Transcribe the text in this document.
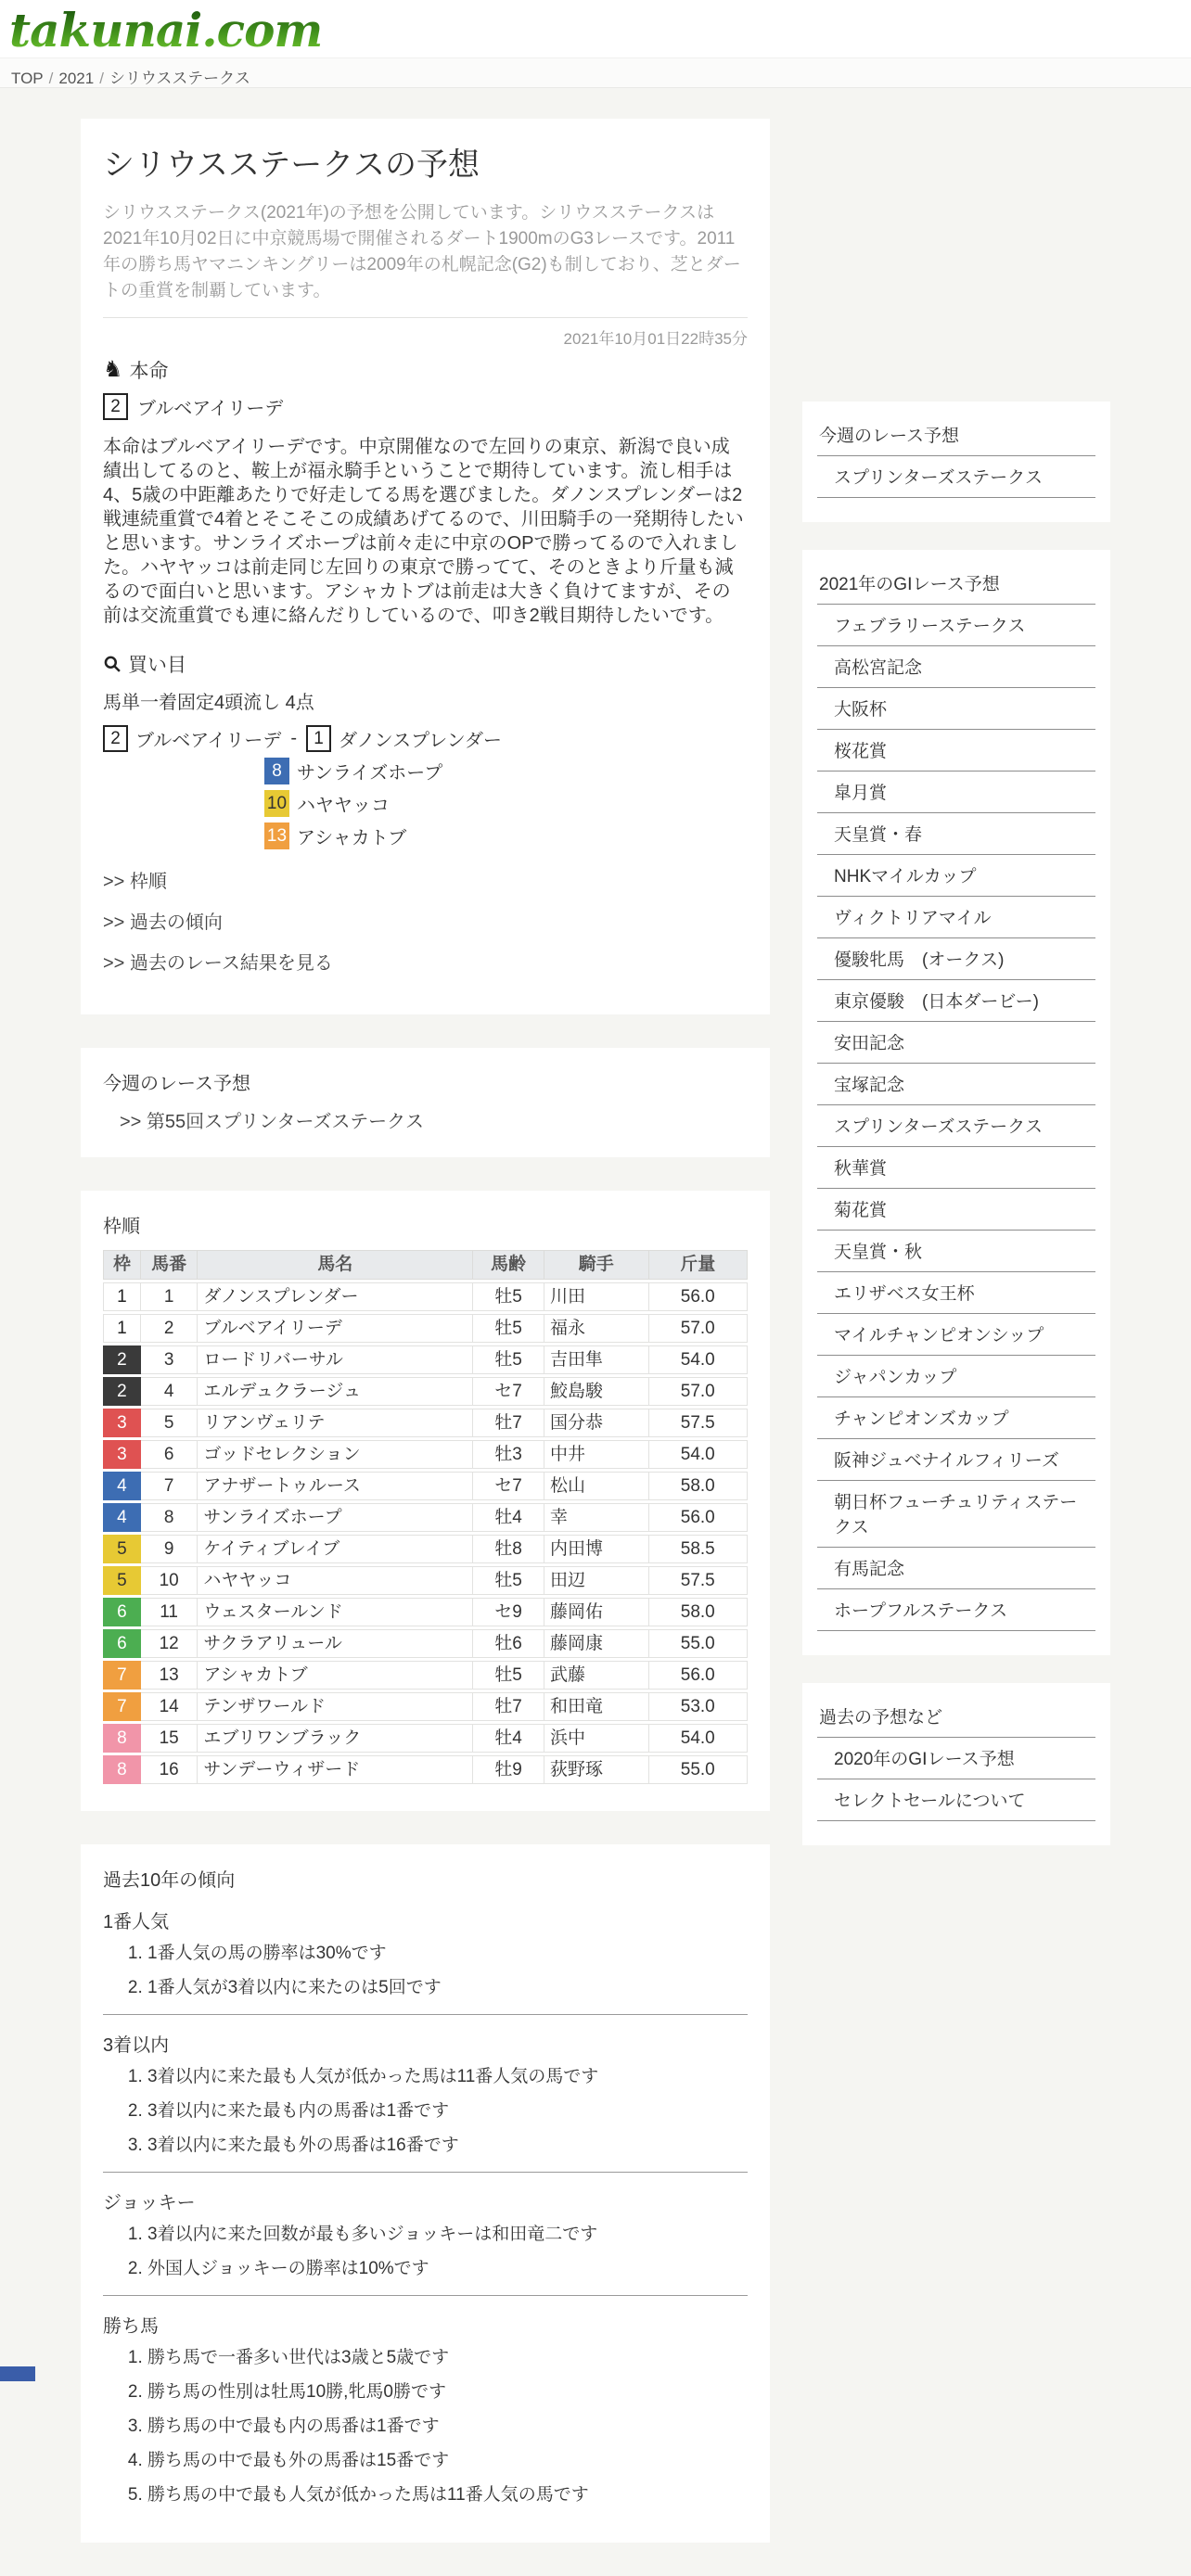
takunai.com
TOP / 2021 / シリウスステークス
シリウスステークスの予想

シリウスステークス(2021年)の予想を公開しています。シリウスステークスは2021年10月02日に中京競馬場で開催されるダート1900mのG3レースです。2011年の勝ち馬ヤマニンキングリーは2009年の札幌記念(G2)も制しており、芝とダートの重賞を制覇しています。

2021年10月01日22時35分
♞ 本命
2 ブルベアイリーデ

本命はブルベアイリーデです。中京開催なので左回りの東京、新潟で良い成績出してるのと、鞍上が福永騎手ということで期待しています。流し相手は4、5歳の中距離あたりで好走してる馬を選びました。ダノンスプレンダーは2戦連続重賞で4着とそこそこの成績あげてるので、川田騎手の一発期待したいと思います。サンライズホープは前々走に中京のOPで勝ってるので入れました。ハヤヤッコは前走同じ左回りの東京で勝ってて、そのときより斤量も減るので面白いと思います。アシャカトブは前走は大きく負けてますが、その前は交流重賞でも連に絡んだりしているので、叩き2戦目期待したいです。

買い目

馬単一着固定4頭流し 4点

2 ブルベアイリーデ - 1 ダノンスプレンダー
8 サンライズホープ
10 ハヤヤッコ
13 アシャカトブ
>> 枠順
>> 過去の傾向
>> 過去のレース結果を見る
今週のレース予想
>> 第55回スプリンターズステークス
枠順
枠	馬番	馬名	馬齢	騎手	斤量
1	1	ダノンスプレンダー	牡5	川田	56.0
1	2	ブルベアイリーデ	牡5	福永	57.0
2	3	ロードリバーサル	牡5	吉田隼	54.0
2	4	エルデュクラージュ	セ7	鮫島駿	57.0
3	5	リアンヴェリテ	牡7	国分恭	57.5
3	6	ゴッドセレクション	牡3	中井	54.0
4	7	アナザートゥルース	セ7	松山	58.0
4	8	サンライズホープ	牡4	幸	56.0
5	9	ケイティブレイブ	牡8	内田博	58.5
5	10	ハヤヤッコ	牡5	田辺	57.5
6	11	ウェスタールンド	セ9	藤岡佑	58.0
6	12	サクラアリュール	牡6	藤岡康	55.0
7	13	アシャカトブ	牡5	武藤	56.0
7	14	テンザワールド	牡7	和田竜	53.0
8	15	エブリワンブラック	牡4	浜中	54.0
8	16	サンデーウィザード	牡9	荻野琢	55.0
過去10年の傾向
1番人気
1. 1番人気の馬の勝率は30%です
2. 1番人気が3着以内に来たのは5回です
3着以内
1. 3着以内に来た最も人気が低かった馬は11番人気の馬です
2. 3着以内に来た最も内の馬番は1番です
3. 3着以内に来た最も外の馬番は16番です
ジョッキー
1. 3着以内に来た回数が最も多いジョッキーは和田竜二です
2. 外国人ジョッキーの勝率は10%です
勝ち馬
1. 勝ち馬で一番多い世代は3歳と5歳です
2. 勝ち馬の性別は牡馬10勝,牝馬0勝です
3. 勝ち馬の中で最も内の馬番は1番です
4. 勝ち馬の中で最も外の馬番は15番です
5. 勝ち馬の中で最も人気が低かった馬は11番人気の馬です
今週のレース予想
スプリンターズステークス
2021年のGⅠレース予想
フェブラリーステークス
高松宮記念
大阪杯
桜花賞
皐月賞
天皇賞・春
NHKマイルカップ
ヴィクトリアマイル
優駿牝馬　(オークス)
東京優駿　(日本ダービー)
安田記念
宝塚記念
スプリンターズステークス
秋華賞
菊花賞
天皇賞・秋
エリザベス女王杯
マイルチャンピオンシップ
ジャパンカップ
チャンピオンズカップ
阪神ジュベナイルフィリーズ
朝日杯フューチュリティステークス
有馬記念
ホープフルステークス
過去の予想など
2020年のGⅠレース予想
セレクトセールについて
